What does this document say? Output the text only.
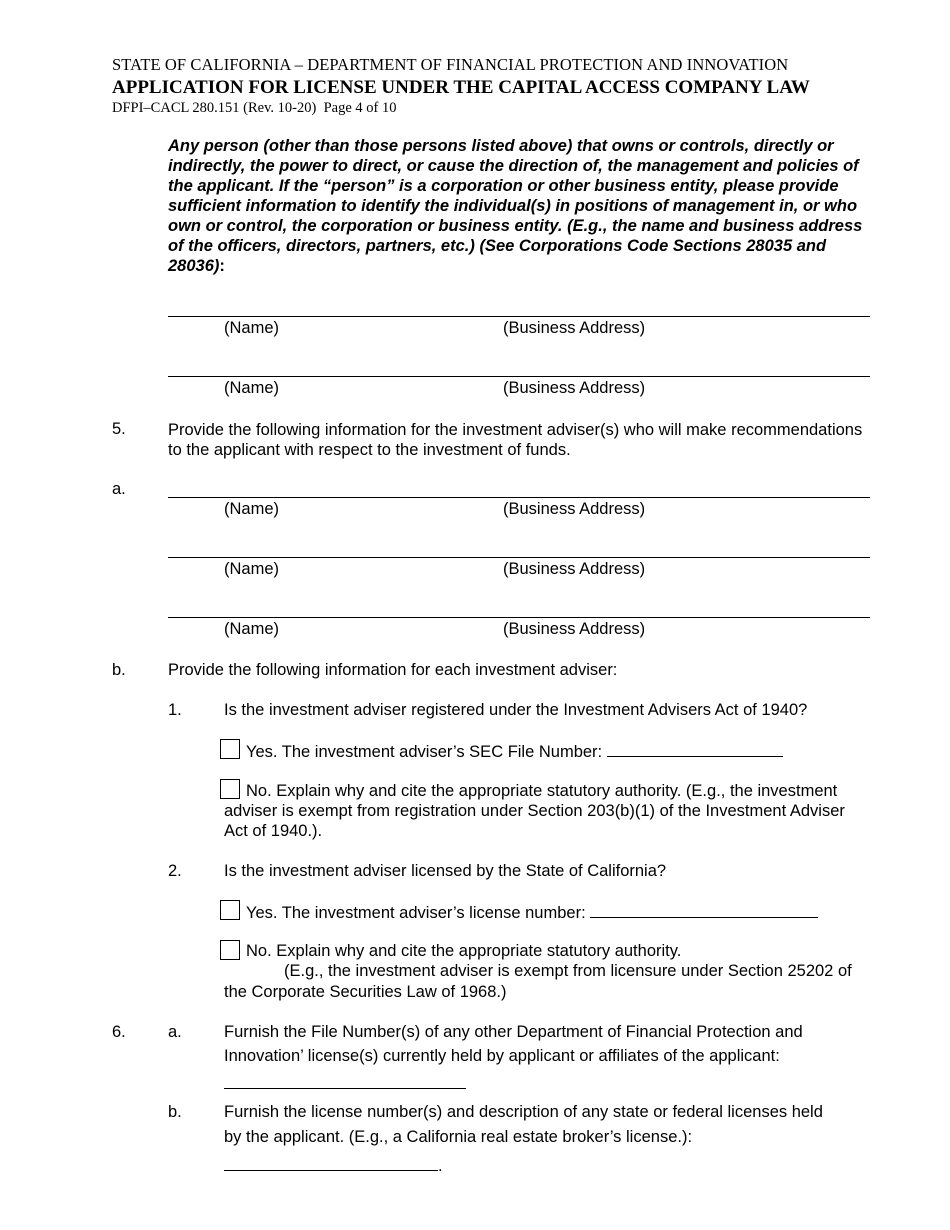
STATE OF CALIFORNIA – DEPARTMENT OF FINANCIAL PROTECTION AND INNOVATION
APPLICATION FOR LICENSE UNDER THE CAPITAL ACCESS COMPANY LAW
DFPI–CACL 280.151 (Rev. 10-20) Page 4 of 10
Any person (other than those persons listed above) that owns or controls, directly or indirectly, the power to direct, or cause the direction of, the management and policies of the applicant. If the “person” is a corporation or other business entity, please provide sufficient information to identify the individual(s) in positions of management in, or who own or control, the corporation or business entity. (E.g., the name and business address of the officers, directors, partners, etc.) (See Corporations Code Sections 28035 and 28036):
(Name)	(Business Address)
(Name)	(Business Address)
5.	Provide the following information for the investment adviser(s) who will make recommendations to the applicant with respect to the investment of funds.
a.
(Name)	(Business Address)
(Name)	(Business Address)
(Name)	(Business Address)
b.	Provide the following information for each investment adviser:
1.	Is the investment adviser registered under the Investment Advisers Act of 1940?
Yes. The investment adviser’s SEC File Number:
No. Explain why and cite the appropriate statutory authority. (E.g., the investment adviser is exempt from registration under Section 203(b)(1) of the Investment Adviser Act of 1940.).
2.	Is the investment adviser licensed by the State of California?
Yes. The investment adviser’s license number:
No. Explain why and cite the appropriate statutory authority.
(E.g., the investment adviser is exempt from licensure under Section 25202 of
the Corporate Securities Law of 1968.)
6.	a.	Furnish the File Number(s) of any other Department of Financial Protection and
Innovation’ license(s) currently held by applicant or affiliates of the applicant:
b.	Furnish the license number(s) and description of any state or federal licenses held
by the applicant. (E.g., a California real estate broker’s license.):
.
